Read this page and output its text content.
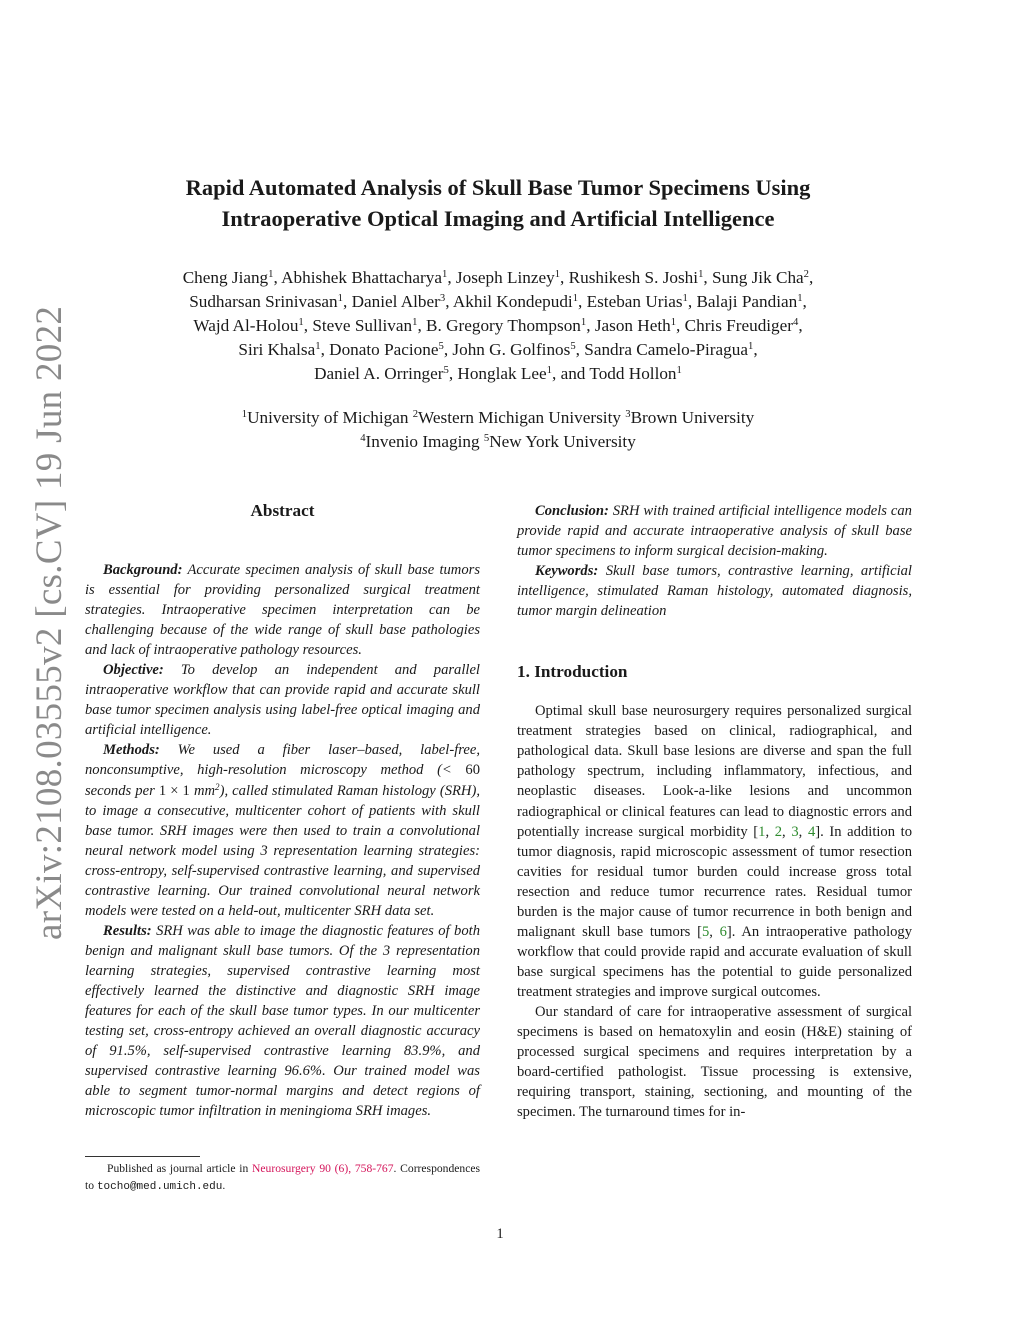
arXiv:2108.03555v2 [cs.CV] 19 Jun 2022
Rapid Automated Analysis of Skull Base Tumor Specimens Using
Intraoperative Optical Imaging and Artificial Intelligence
Cheng Jiang$^1$, Abhishek Bhattacharya$^1$, Joseph Linzey$^1$, Rushikesh S. Joshi$^1$, Sung Jik Cha$^2$,
Sudharsan Srinivasan$^1$, Daniel Alber$^3$, Akhil Kondepudi$^1$, Esteban Urias$^1$, Balaji Pandian$^1$,
Wajd Al-Holou$^1$, Steve Sullivan$^1$, B. Gregory Thompson$^1$, Jason Heth$^1$, Chris Freudiger$^4$,
Siri Khalsa$^1$, Donato Pacione$^5$, John G. Golfinos$^5$, Sandra Camelo-Piragua$^1$,
Daniel A. Orringer$^5$, Honglak Lee$^1$, and Todd Hollon$^1$
$^1$University of Michigan $^2$Western Michigan University $^3$Brown University
$^4$Invenio Imaging $^5$New York University
Abstract

Background: Accurate specimen analysis of skull base tumors is essential for providing personalized surgical treatment strategies. Intraoperative specimen interpretation can be challenging because of the wide range of skull base pathologies and lack of intraoperative pathology resources.

Objective: To develop an independent and parallel intraoperative workflow that can provide rapid and accurate skull base tumor specimen analysis using label-free optical imaging and artificial intelligence.

Methods: We used a fiber laser–based, label-free, nonconsumptive, high-resolution microscopy method (< 60 seconds per 1 × 1 $mm^2$), called stimulated Raman histology (SRH), to image a consecutive, multicenter cohort of patients with skull base tumor. SRH images were then used to train a convolutional neural network model using 3 representation learning strategies: cross-entropy, self-supervised contrastive learning, and supervised contrastive learning. Our trained convolutional neural network models were tested on a held-out, multicenter SRH data set.

Results: SRH was able to image the diagnostic features of both benign and malignant skull base tumors. Of the 3 representation learning strategies, supervised contrastive learning most effectively learned the distinctive and diagnostic SRH image features for each of the skull base tumor types. In our multicenter testing set, cross-entropy achieved an overall diagnostic accuracy of 91.5%, self-supervised contrastive learning 83.9%, and supervised contrastive learning 96.6%. Our trained model was able to segment tumor-normal margins and detect regions of microscopic tumor infiltration in meningioma SRH images.

Published as journal article in Neurosurgery 90 (6), 758-767. Correspondences to tocho@med.umich.edu.

Conclusion: SRH with trained artificial intelligence models can provide rapid and accurate intraoperative analysis of skull base tumor specimens to inform surgical decision-making.

Keywords: Skull base tumors, contrastive learning, artificial intelligence, stimulated Raman histology, automated diagnosis, tumor margin delineation

1. Introduction

Optimal skull base neurosurgery requires personalized surgical treatment strategies based on clinical, radiographical, and pathological data. Skull base lesions are diverse and span the full pathology spectrum, including inflammatory, infectious, and neoplastic diseases. Look-a-like lesions and uncommon radiographical or clinical features can lead to diagnostic errors and potentially increase surgical morbidity [1, 2, 3, 4]. In addition to tumor diagnosis, rapid microscopic assessment of tumor resection cavities for residual tumor burden could increase gross total resection and reduce tumor recurrence rates. Residual tumor burden is the major cause of tumor recurrence in both benign and malignant skull base tumors [5, 6]. An intraoperative pathology workflow that could provide rapid and accurate evaluation of skull base surgical specimens has the potential to guide personalized treatment strategies and improve surgical outcomes.

Our standard of care for intraoperative assessment of surgical specimens is based on hematoxylin and eosin (H&E) staining of processed surgical specimens and requires interpretation by a board-certified pathologist. Tissue processing is extensive, requiring transport, staining, sectioning, and mounting of the specimen. The turnaround times for in-

1
